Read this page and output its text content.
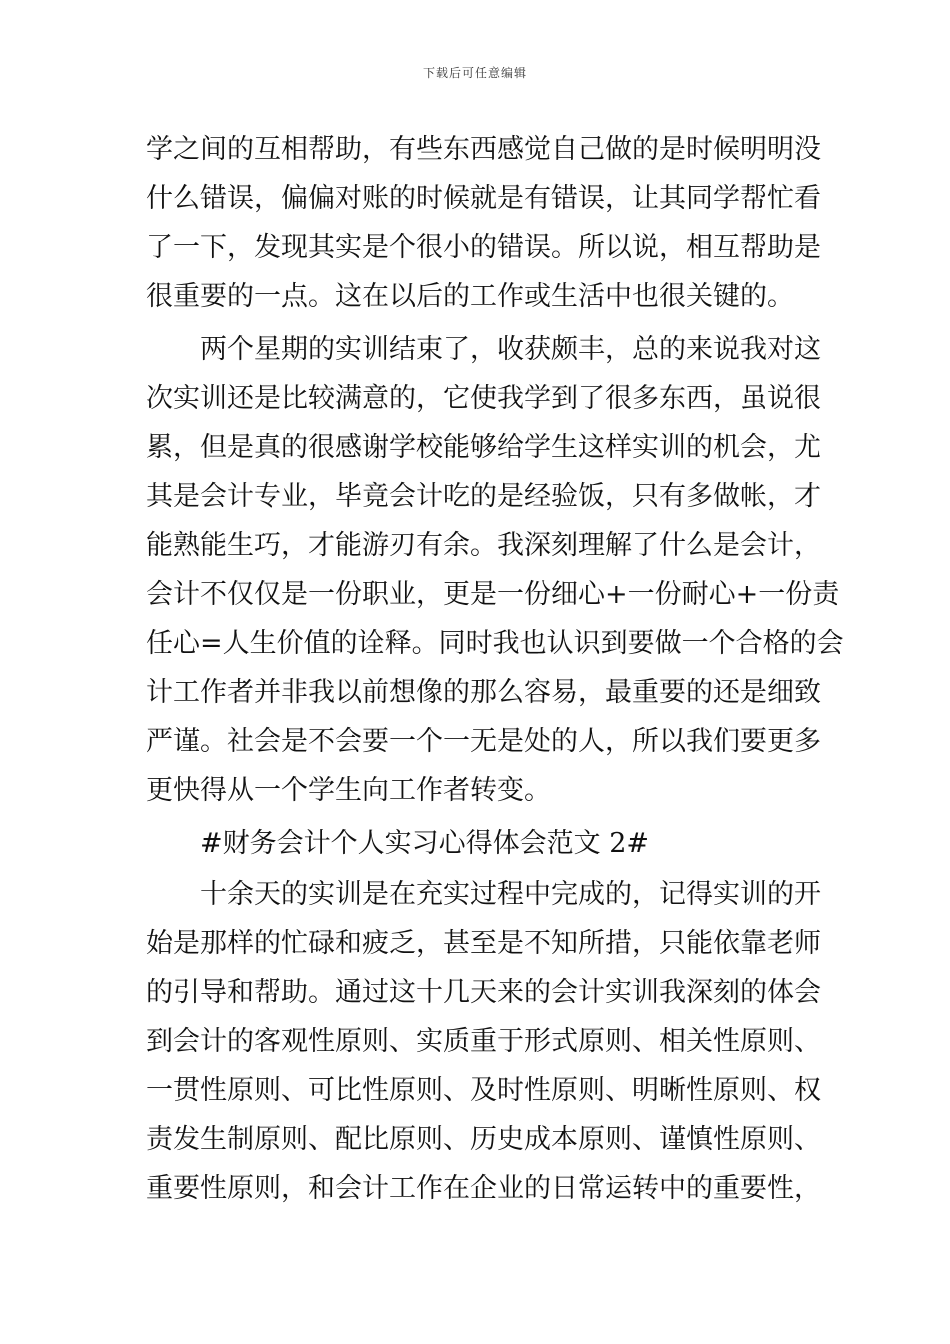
下载后可任意编辑
学之间的互相帮助，有些东西感觉自己做的是时候明明没
什么错误，偏偏对账的时候就是有错误，让其同学帮忙看
了一下，发现其实是个很小的错误。所以说，相互帮助是
很重要的一点。这在以后的工作或生活中也很关键的。
两个星期的实训结束了，收获颇丰，总的来说我对这
次实训还是比较满意的，它使我学到了很多东西，虽说很
累，但是真的很感谢学校能够给学生这样实训的机会，尤
其是会计专业，毕竟会计吃的是经验饭，只有多做帐，才
能熟能生巧，才能游刃有余。我深刻理解了什么是会计，
会计不仅仅是一份职业，更是一份细心+一份耐心+一份责
任心=人生价值的诠释。同时我也认识到要做一个合格的会
计工作者并非我以前想像的那么容易，最重要的还是细致
严谨。社会是不会要一个一无是处的人，所以我们要更多
更快得从一个学生向工作者转变。
#财务会计个人实习心得体会范文 2#
十余天的实训是在充实过程中完成的，记得实训的开
始是那样的忙碌和疲乏，甚至是不知所措，只能依靠老师
的引导和帮助。通过这十几天来的会计实训我深刻的体会
到会计的客观性原则、实质重于形式原则、相关性原则、
一贯性原则、可比性原则、及时性原则、明晰性原则、权
责发生制原则、配比原则、历史成本原则、谨慎性原则、
重要性原则，和会计工作在企业的日常运转中的重要性，
